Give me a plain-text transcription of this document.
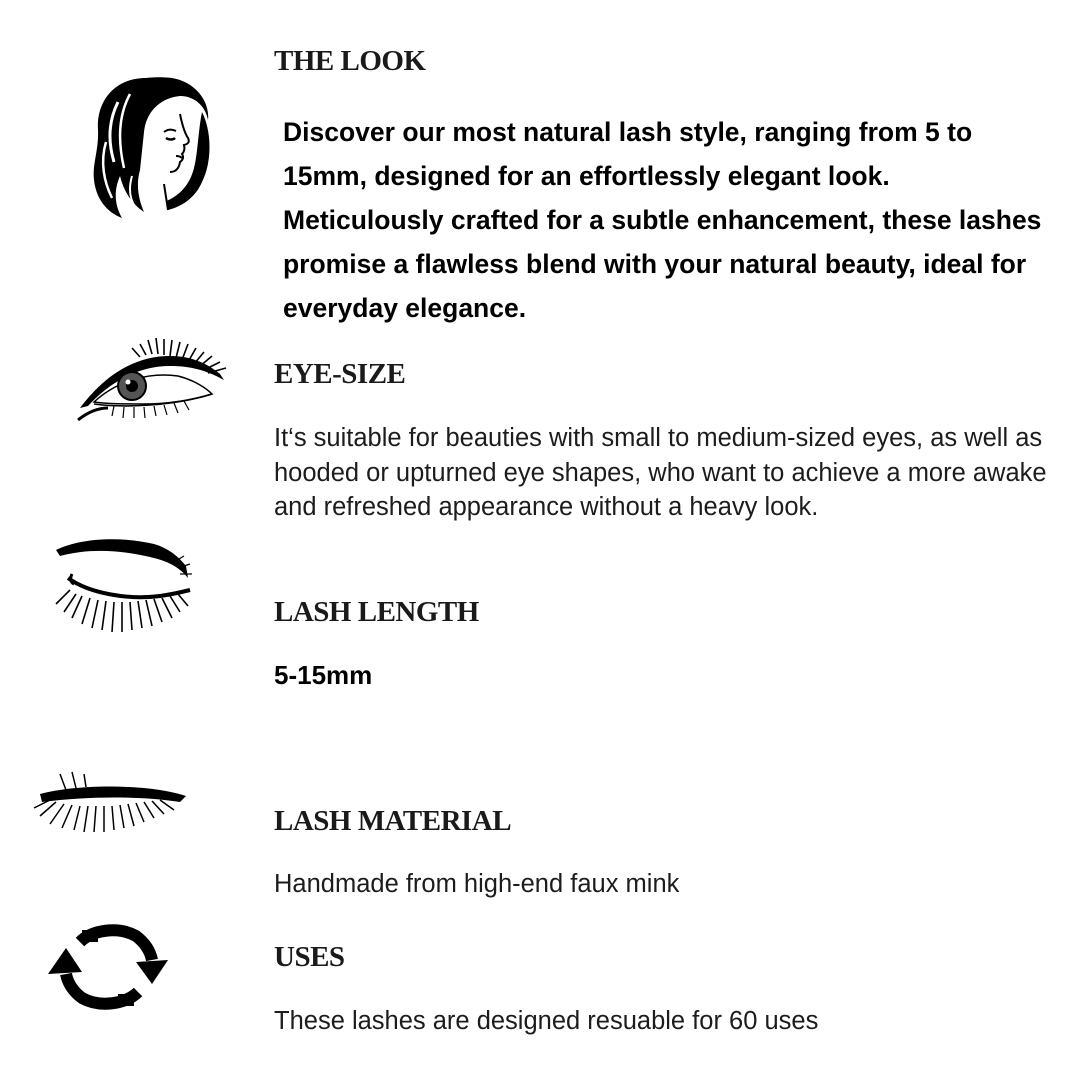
THE LOOK

Discover our most natural lash style, ranging from 5 to 15mm, designed for an effortlessly elegant look. Meticulously crafted for a subtle enhancement, these lashes promise a flawless blend with your natural beauty, ideal for everyday elegance.

EYE-SIZE

It‘s suitable for beauties with small to medium-sized eyes, as well as hooded or upturned eye shapes, who want to achieve a more awake and refreshed appearance without a heavy look.

LASH LENGTH

5-15mm

LASH MATERIAL

Handmade from high-end faux mink

USES

These lashes are designed resuable for 60 uses
